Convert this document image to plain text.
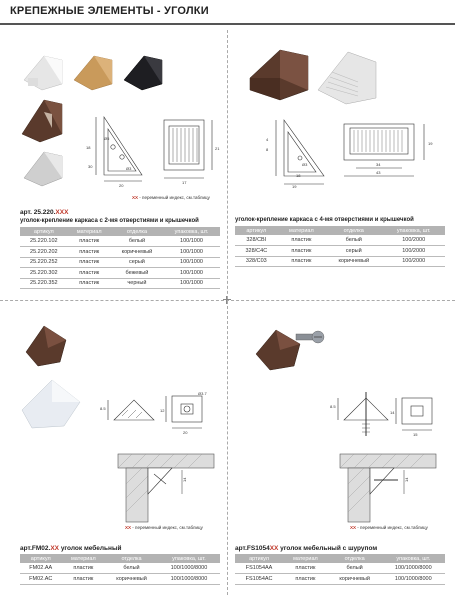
КРЕПЕЖНЫЕ ЭЛЕМЕНТЫ - УГОЛКИ
18
30
Ø5
Ø3
20
21
17
XX - переменный индекс, см.таблицу
арт. 25.220.XXX
уголок-крепление каркаса с 2-мя отверстиями и крышечкой
артикул	материал	отделка	упаковка, шт.
25.220.102	пластик	белый	100/1000
25.220.202	пластик	коричневый	100/1000
25.220.252	пластик	серый	100/1000
25.220.302	пластик	бежевый	100/1000
25.220.352	пластик	черный	100/1000
4
8
Ø3
18
19
34
43
19
уголок-крепление каркаса с 4-мя отверстиями и крышечкой
артикул	материал	отделка	упаковка, шт.
328/CBI	пластик	белый	100/2000
328/C4C	пластик	серый	100/2000
328/C03	пластик	коричневый	100/2000
8.5
Ø3.7
12
20
14
XX - переменный индекс, см.таблицу
арт.FM02.XX уголок мебельный
артикул	материал	отделка	упаковка, шт.
FM02.AA	пластик	белый	100/1000/8000
FM02.AC	пластик	коричневый	100/1000/8000
8.5
14
15
14
XX - переменный индекс, см.таблицу
арт.FS1054XX уголок мебельный с шурупом
артикул	материал	отделка	упаковка, шт.
FS1054AA	пластик	белый	100/1000/8000
FS1054AC	пластик	коричневый	100/1000/8000
